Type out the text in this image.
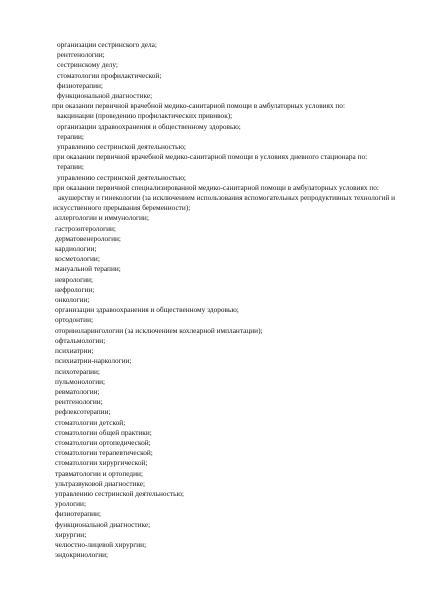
организации сестринского дела;
рентгенологии;
сестринскому делу;
стоматологии профилактической;
физиотерапии;
функциональной диагностике;
при оказании первичной врачебной медико-санитарной помощи в амбулаторных условиях по:
вакцинации (проведению профилактических прививок);
организации здравоохранения и общественному здоровью;
терапии;
управлению сестринской деятельностью;
при оказании первичной врачебной медико-санитарной помощи в условиях дневного стационара по:
терапии;
управлению сестринской деятельностью;
при оказании первичной специализированной медико-санитарной помощи в амбулаторных условиях по:
акушерству и гинекологии (за исключением использования вспомогательных репродуктивных технологий и искусственного прерывания беременности);
аллергологии и иммунологии;
гастроэнтерологии;
дерматовенерологии;
кардиологии;
косметологии;
мануальной терапии;
неврологии;
нефрологии;
онкологии;
организации здравоохранения и общественному здоровью;
ортодонтии;
оториноларингологии (за исключением кохлеарной имплантации);
офтальмологии;
психиатрии;
психиатрии-наркологии;
психотерапии;
пульмонологии;
ревматологии;
рентгенологии;
рефлексотерапии;
стоматологии детской;
стоматологии общей практики;
стоматологии ортопедической;
стоматологии терапевтической;
стоматологии хирургической;
травматологии и ортопедии;
ультразвуковой диагностике;
управлению сестринской деятельностью;
урологии;
физиотерапии;
функциональной диагностике;
хирургии;
челюстно-лицевой хирургии;
эндокринологии;
